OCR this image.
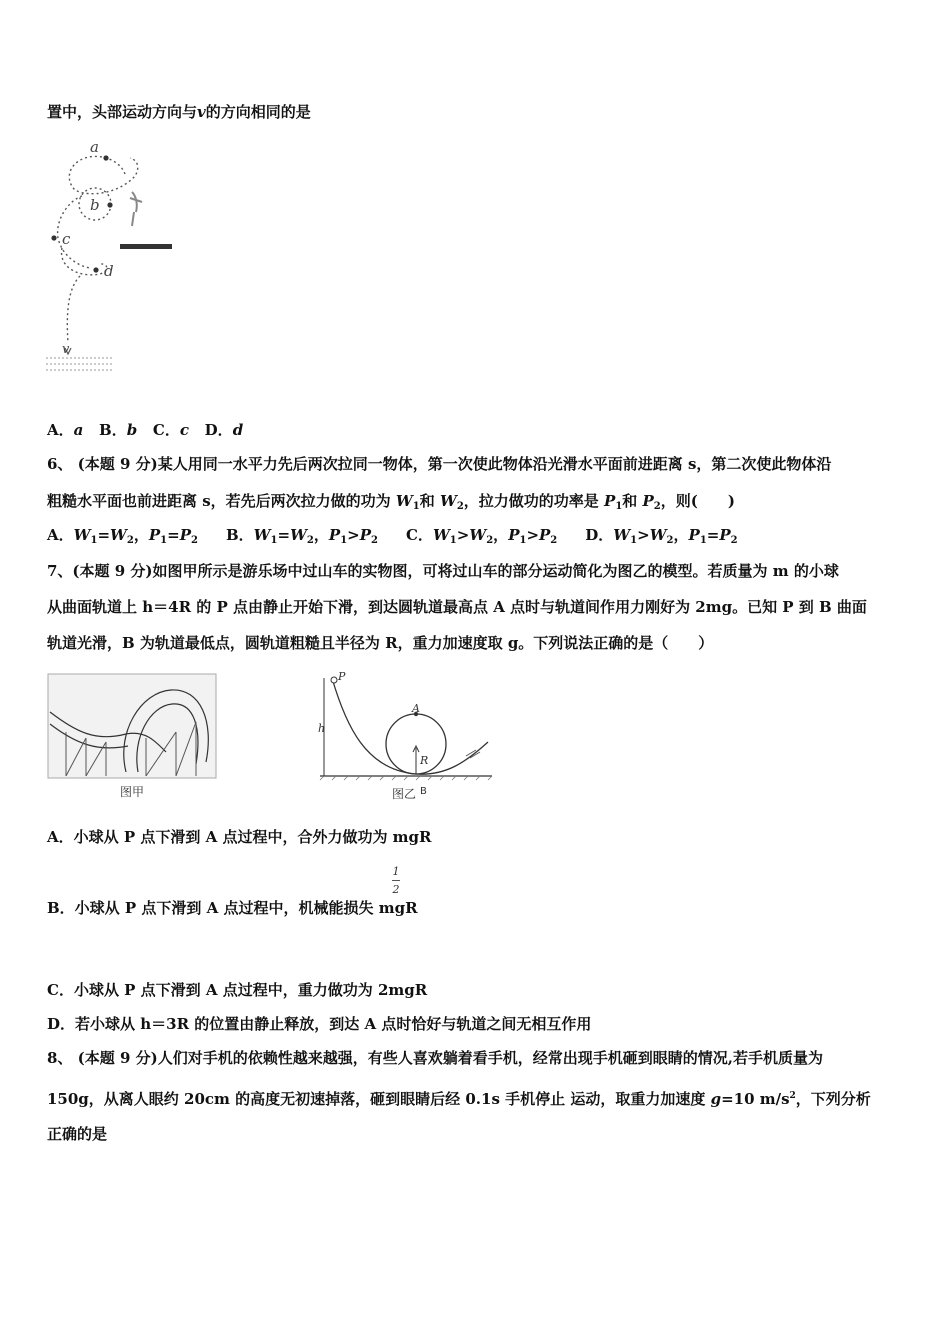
置中，头部运动方向与v的方向相同的是
a
b
c
d
v
A．a B．b C．c D．d
6、 (本题 9 分)某人用同一水平力先后两次拉同一物体，第一次使此物体沿光滑水平面前进距离 s，第二次使此物体沿
粗糙水平面也前进距离 s，若先后两次拉力做的功为 $W_1$和 $W_2$，拉力做功的功率是 $P_1$和 $P_2$，则(　　)
A．$W_1=W_2$，$P_1=P_2$ B．$W_1=W_2$，$P_1>P_2$ C．$W_1>W_2$，$P_1>P_2$ D．$W_1>W_2$，$P_1=P_2$
7、(本题 9 分)如图甲所示是游乐场中过山车的实物图，可将过山车的部分运动简化为图乙的模型。若质量为 m 的小球
从曲面轨道上 h＝4R 的 P 点由静止开始下滑，到达圆轨道最高点 A 点时与轨道间作用力刚好为 2mg。已知 P 到 B 曲面
轨道光滑，B 为轨道最低点，圆轨道粗糙且半径为 R，重力加速度取 g。下列说法正确的是（　　）
图甲
P
h
A
R
图乙 B
A．小球从 P 点下滑到 A 点过程中，合外力做功为 mgR
1
2
B．小球从 P 点下滑到 A 点过程中，机械能损失 mgR
C．小球从 P 点下滑到 A 点过程中，重力做功为 2mgR
D．若小球从 h＝3R 的位置由静止释放，到达 A 点时恰好与轨道之间无相互作用
8、 (本题 9 分)人们对手机的依赖性越来越强，有些人喜欢躺着看手机，经常出现手机砸到眼睛的情况,若手机质量为
150g，从离人眼约 20cm 的高度无初速掉落，砸到眼睛后经 0.1s 手机停止 运动，取重力加速度 g=10 $m/s^2$，下列分析
正确的是
